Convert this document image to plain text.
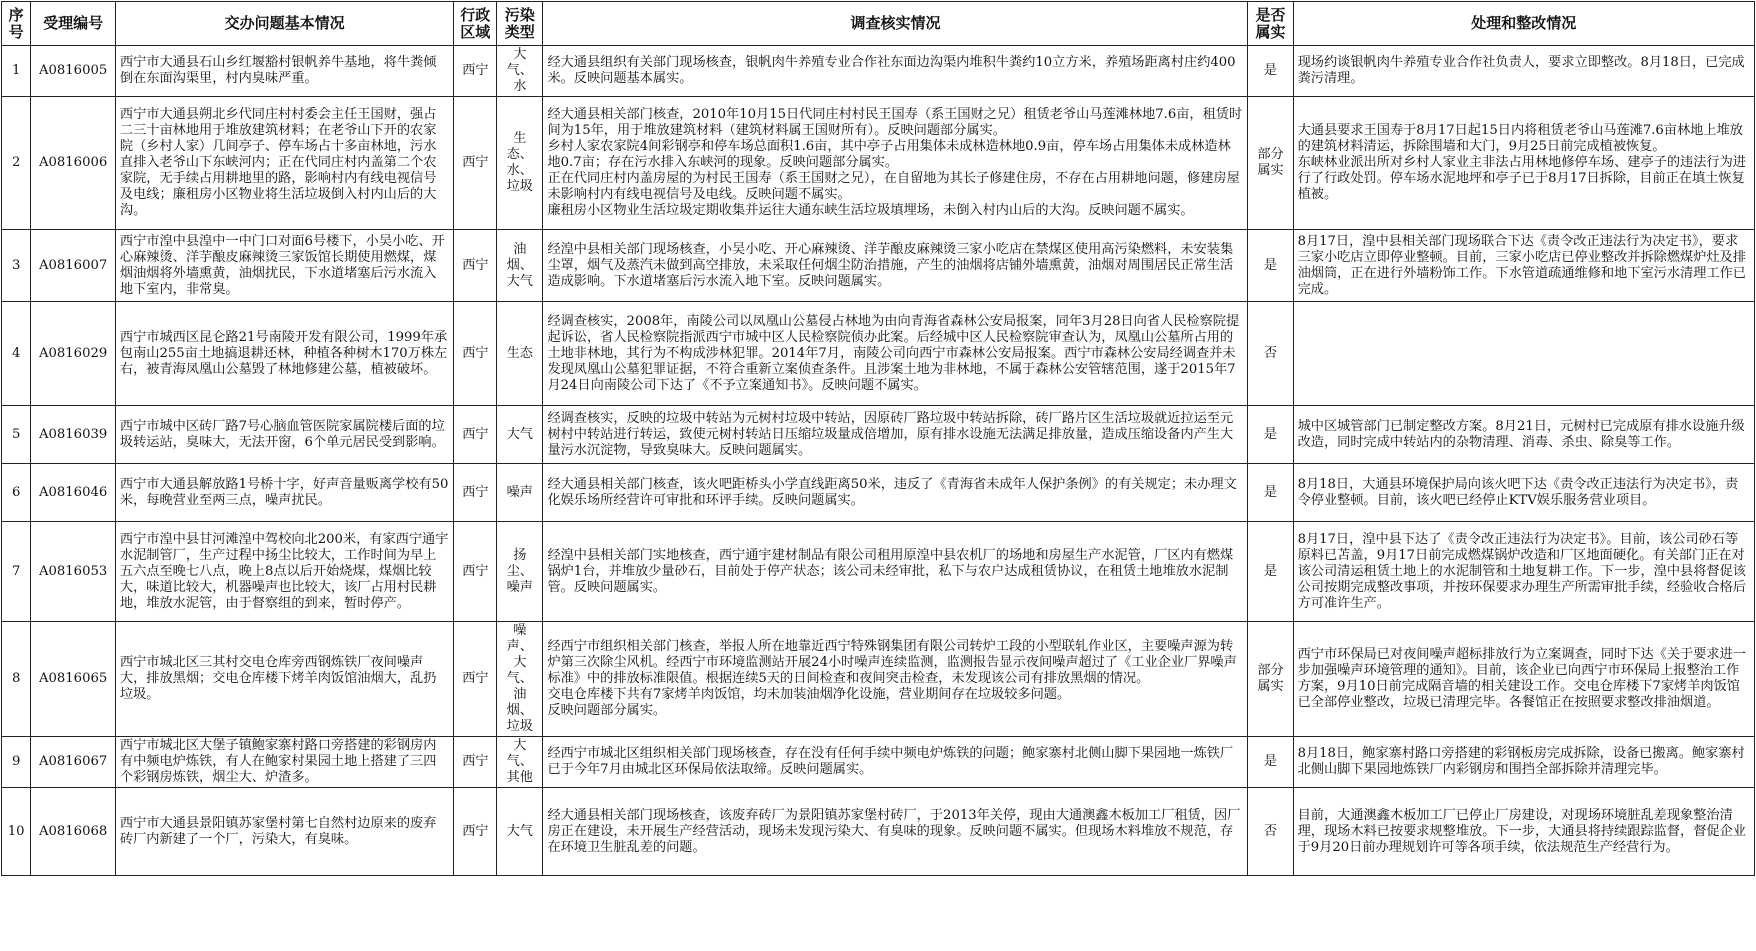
序号	受理编号	交办问题基本情况	行政区域	污染类型	调查核实情况	是否属实	处理和整改情况
1	A0816005	西宁市大通县石山乡红堰豁村银帆养牛基地，将牛粪倾倒在东面沟渠里，村内臭味严重。	西宁	大气、水	经大通县组织有关部门现场核查，银帆肉牛养殖专业合作社东面边沟渠内堆积牛粪约10立方米，养殖场距离村庄约400米。反映问题基本属实。	是	现场约谈银帆肉牛养殖专业合作社负责人，要求立即整改。8月18日，已完成粪污清理。
2	A0816006	西宁市大通县朔北乡代同庄村村委会主任王国财，强占二三十亩林地用于堆放建筑材料；在老爷山下开的农家院（乡村人家）几间亭子、停车场占十多亩林地，污水直排入老爷山下东峡河内；正在代同庄村内盖第二个农家院，无手续占用耕地里的路，影响村内有线电视信号及电线；廉租房小区物业将生活垃圾倒入村内山后的大沟。	西宁	生态、水、垃圾	经大通县相关部门核查，2010年10月15日代同庄村村民王国寿（系王国财之兄）租赁老爷山马莲滩林地7.6亩，租赁时间为15年，用于堆放建筑材料（建筑材料属王国财所有）。反映问题部分属实。
乡村人家农家院4间彩钢亭和停车场总面积1.6亩，其中亭子占用集体未成林造林地0.9亩，停车场占用集体未成林造林地0.7亩；存在污水排入东峡河的现象。反映问题部分属实。
正在代同庄村内盖房屋的为村民王国寿（系王国财之兄），在自留地为其长子修建住房，不存在占用耕地问题，修建房屋未影响村内有线电视信号及电线。反映问题不属实。
廉租房小区物业生活垃圾定期收集并运往大通东峡生活垃圾填埋场，未倒入村内山后的大沟。反映问题不属实。	部分属实	大通县要求王国寿于8月17日起15日内将租赁老爷山马莲滩7.6亩林地上堆放的建筑材料清运，拆除围墙和大门，9月25日前完成植被恢复。
东峡林业派出所对乡村人家业主非法占用林地修停车场、建亭子的违法行为进行了行政处罚。停车场水泥地坪和亭子已于8月17日拆除，目前正在填土恢复植被。
3	A0816007	西宁市湟中县湟中一中门口对面6号楼下，小吴小吃、开心麻辣烫、洋芋酿皮麻辣烫三家饭馆长期使用燃煤，煤烟油烟将外墙熏黄，油烟扰民，下水道堵塞后污水流入地下室内，非常臭。	西宁	油烟、大气	经湟中县相关部门现场核查，小吴小吃、开心麻辣烫、洋芋酿皮麻辣烫三家小吃店在禁煤区使用高污染燃料，未安装集尘罩，烟气及蒸汽未做到高空排放，未采取任何烟尘防治措施，产生的油烟将店铺外墙熏黄，油烟对周围居民正常生活造成影响。下水道堵塞后污水流入地下室。反映问题属实。	是	8月17日，湟中县相关部门现场联合下达《责令改正违法行为决定书》，要求三家小吃店立即停业整顿。目前，三家小吃店已停业整改并拆除燃煤炉灶及排油烟筒，正在进行外墙粉饰工作。下水管道疏通维修和地下室污水清理工作已完成。
4	A0816029	西宁市城西区昆仑路21号南陵开发有限公司，1999年承包南山255亩土地搞退耕还林，种植各种树木170万株左右，被青海凤凰山公墓毁了林地修建公墓，植被破坏。	西宁	生态	经调查核实，2008年，南陵公司以凤凰山公墓侵占林地为由向青海省森林公安局报案，同年3月28日向省人民检察院提起诉讼，省人民检察院指派西宁市城中区人民检察院侦办此案。后经城中区人民检察院审查认为，凤凰山公墓所占用的土地非林地，其行为不构成涉林犯罪。2014年7月，南陵公司向西宁市森林公安局报案。西宁市森林公安局经调查并未发现凤凰山公墓犯罪证据，不符合重新立案侦查条件。且涉案土地为非林地，不属于森林公安管辖范围，遂于2015年7月24日向南陵公司下达了《不予立案通知书》。反映问题不属实。	否	
5	A0816039	西宁市城中区砖厂路7号心脑血管医院家属院楼后面的垃圾转运站，臭味大，无法开窗，6个单元居民受到影响。	西宁	大气	经调查核实，反映的垃圾中转站为元树村垃圾中转站，因原砖厂路垃圾中转站拆除，砖厂路片区生活垃圾就近拉运至元树村中转站进行转运，致使元树村转站日压缩垃圾量成倍增加，原有排水设施无法满足排放量，造成压缩设备内产生大量污水沉淀物，导致臭味大。反映问题属实。	是	城中区城管部门已制定整改方案。8月21日，元树村已完成原有排水设施升级改造，同时完成中转站内的杂物清理、消毒、杀虫、除臭等工作。
6	A0816046	西宁市大通县解放路1号桥十字，好声音量贩离学校有50米，每晚营业至两三点，噪声扰民。	西宁	噪声	经大通县相关部门核查，该火吧距桥头小学直线距离50米，违反了《青海省未成年人保护条例》的有关规定；未办理文化娱乐场所经营许可审批和环评手续。反映问题属实。	是	8月18日，大通县环境保护局向该火吧下达《责令改正违法行为决定书》，责令停业整顿。目前，该火吧已经停止KTV娱乐服务营业项目。
7	A0816053	西宁市湟中县甘河滩湟中驾校向北200米，有家西宁通宇水泥制管厂，生产过程中扬尘比较大，工作时间为早上五六点至晚七八点，晚上8点以后开始烧煤，煤烟比较大，味道比较大，机器噪声也比较大，该厂占用村民耕地，堆放水泥管，由于督察组的到来，暂时停产。	西宁	扬尘、噪声	经湟中县相关部门实地核查，西宁通宇建材制品有限公司租用原湟中县农机厂的场地和房屋生产水泥管，厂区内有燃煤锅炉1台，并堆放少量砂石，目前处于停产状态；该公司未经审批，私下与农户达成租赁协议，在租赁土地堆放水泥制管。反映问题属实。	是	8月17日，湟中县下达了《责令改正违法行为决定书》。目前，该公司砂石等原料已苫盖，9月17日前完成燃煤锅炉改造和厂区地面硬化。有关部门正在对该公司清运租赁土地上的水泥制管和土地复耕工作。下一步，湟中县将督促该公司按期完成整改事项，并按环保要求办理生产所需审批手续，经验收合格后方可准许生产。
8	A0816065	西宁市城北区三其村交电仓库旁西钢炼铁厂夜间噪声大，排放黑烟；交电仓库楼下烤羊肉饭馆油烟大，乱扔垃圾。	西宁	噪声、大气、油烟、垃圾	经西宁市组织相关部门核查，举报人所在地靠近西宁特殊钢集团有限公司转炉工段的小型联轧作业区，主要噪声源为转炉第三次除尘风机。经西宁市环境监测站开展24小时噪声连续监测，监测报告显示夜间噪声超过了《工业企业厂界噪声标准》中的排放标准限值。根据连续5天的日间检查和夜间突击检查，未发现该公司有排放黑烟的情况。
交电仓库楼下共有7家烤羊肉饭馆，均未加装油烟净化设施，营业期间存在垃圾较多问题。
反映问题部分属实。	部分属实	西宁市环保局已对夜间噪声超标排放行为立案调查，同时下达《关于要求进一步加强噪声环境管理的通知》。目前，该企业已向西宁市环保局上报整治工作方案，9月10日前完成隔音墙的相关建设工作。交电仓库楼下7家烤羊肉饭馆已全部停业整改，垃圾已清理完毕。各餐馆正在按照要求整改排油烟道。
9	A0816067	西宁市城北区大堡子镇鲍家寨村路口旁搭建的彩钢房内有中频电炉炼铁，有人在鲍家村果园土地上搭建了三四个彩钢房炼铁，烟尘大、炉渣多。	西宁	大气、其他	经西宁市城北区组织相关部门现场核查，存在没有任何手续中频电炉炼铁的问题；鲍家寨村北侧山脚下果园地一炼铁厂已于今年7月由城北区环保局依法取缔。反映问题属实。	是	8月18日，鲍家寨村路口旁搭建的彩钢板房完成拆除，设备已搬离。鲍家寨村北侧山脚下果园地炼铁厂内彩钢房和围挡全部拆除并清理完毕。
10	A0816068	西宁市大通县景阳镇苏家堡村第七自然村边原来的废弃砖厂内新建了一个厂，污染大，有臭味。	西宁	大气	经大通县相关部门现场核查，该废弃砖厂为景阳镇苏家堡村砖厂，于2013年关停，现由大通澳鑫木板加工厂租赁，因厂房正在建设，未开展生产经营活动，现场未发现污染大、有臭味的现象。反映问题不属实。但现场木料堆放不规范，存在环境卫生脏乱差的问题。	否	目前，大通澳鑫木板加工厂已停止厂房建设，对现场环境脏乱差现象整治清理，现场木料已按要求规整堆放。下一步，大通县将持续跟踪监督，督促企业于9月20日前办理规划许可等各项手续，依法规范生产经营行为。
